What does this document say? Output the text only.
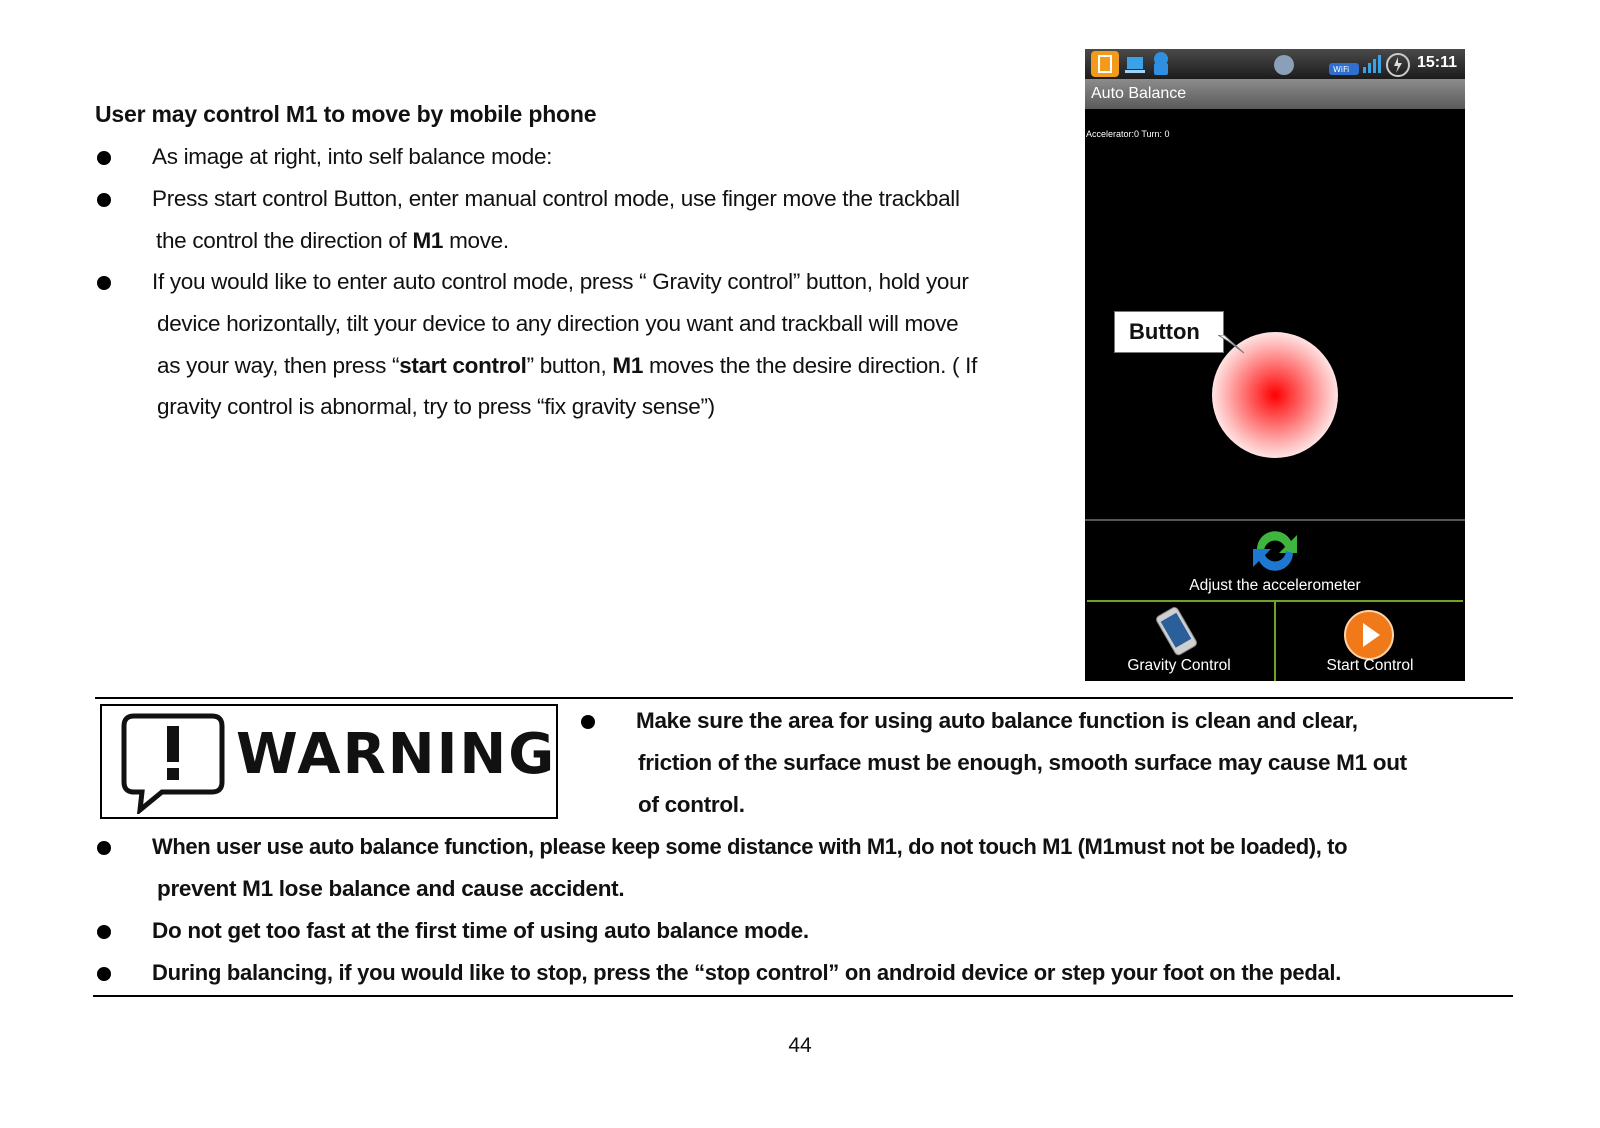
User may control M1 to move by mobile phone
As image at right, into self balance mode:
Press start control Button, enter manual control mode, use finger move the trackball
the control the direction of M1 move.
If you would like to enter auto control mode, press “ Gravity control” button, hold your
device horizontally, tilt your device to any direction you want and trackball will move
as your way, then press “start control” button, M1 moves the the desire direction. ( If
gravity control is abnormal, try to press “fix gravity sense”)
WiFi	15:11
Auto Balance
Accelerator:0 Turn: 0
Button
Adjust the accelerometer
Gravity Control	Start Control
WARNING
Make sure the area for using auto balance function is clean and clear,
friction of the surface must be enough, smooth surface may cause M1 out
of control.
When user use auto balance function, please keep some distance with M1, do not touch M1 (M1must not be loaded), to
prevent M1 lose balance and cause accident.
Do not get too fast at the first time of using auto balance mode.
During balancing, if you would like to stop, press the “stop control” on android device or step your foot on the pedal.
44
